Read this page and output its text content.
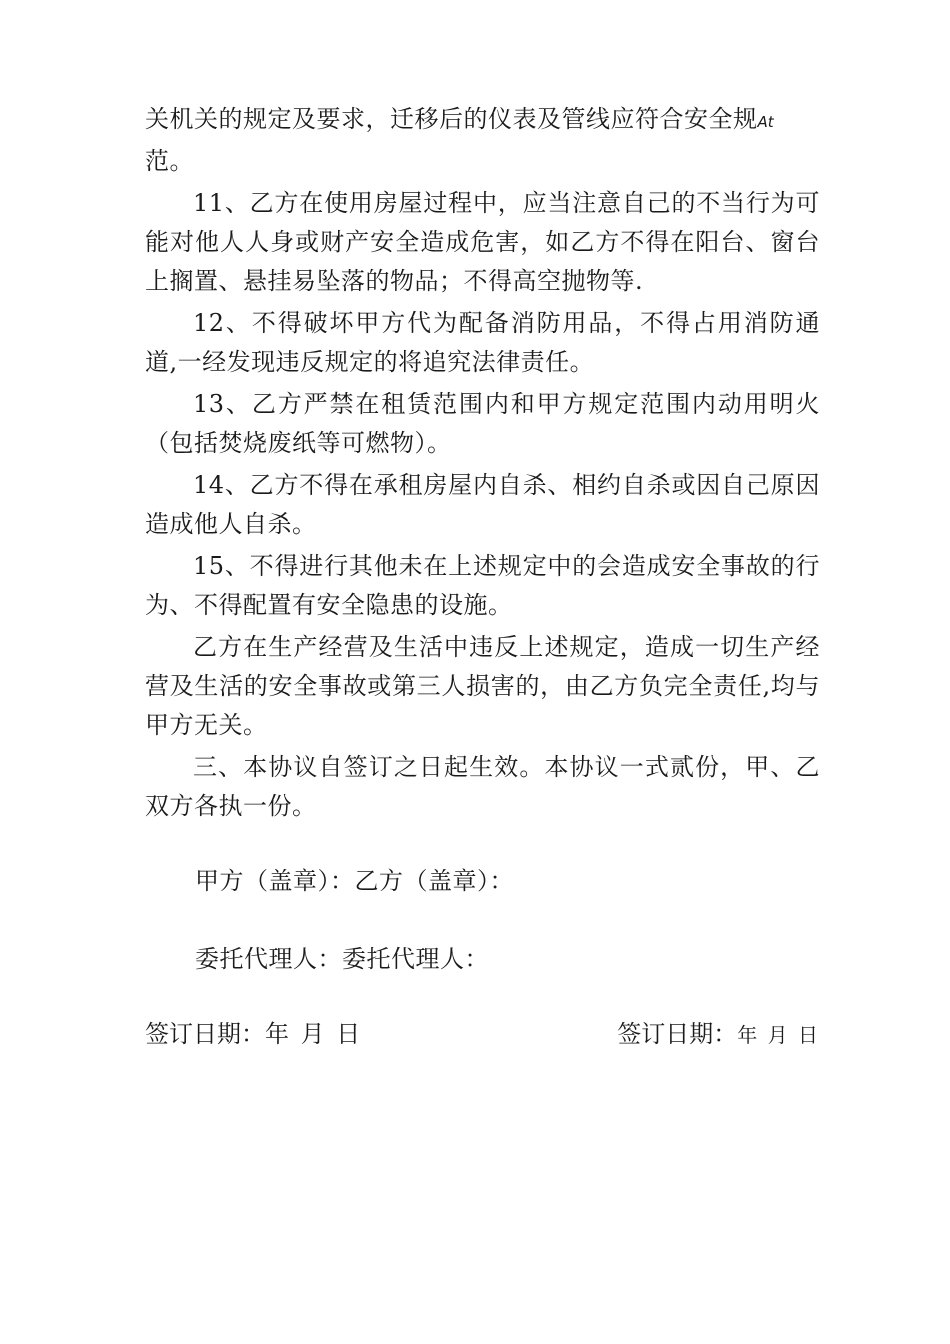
关机关的规定及要求，迁移后的仪表及管线应符合安全规At
范。

11、乙方在使用房屋过程中，应当注意自己的不当行为可能对他人人身或财产安全造成危害，如乙方不得在阳台、窗台上搁置、悬挂易坠落的物品；不得高空抛物等.

12、不得破坏甲方代为配备消防用品，不得占用消防通道,一经发现违反规定的将追究法律责任。

13、乙方严禁在租赁范围内和甲方规定范围内动用明火（包括焚烧废纸等可燃物）。

14、乙方不得在承租房屋内自杀、相约自杀或因自己原因造成他人自杀。

15、不得进行其他未在上述规定中的会造成安全事故的行为、不得配置有安全隐患的设施。

乙方在生产经营及生活中违反上述规定，造成一切生产经营及生活的安全事故或第三人损害的，由乙方负完全责任,均与甲方无关。

三、本协议自签订之日起生效。本协议一式贰份，甲、乙双方各执一份。

甲方（盖章）：乙方（盖章）：
委托代理人：委托代理人：
签订日期：年 月 日	签订日期：年 月 日
